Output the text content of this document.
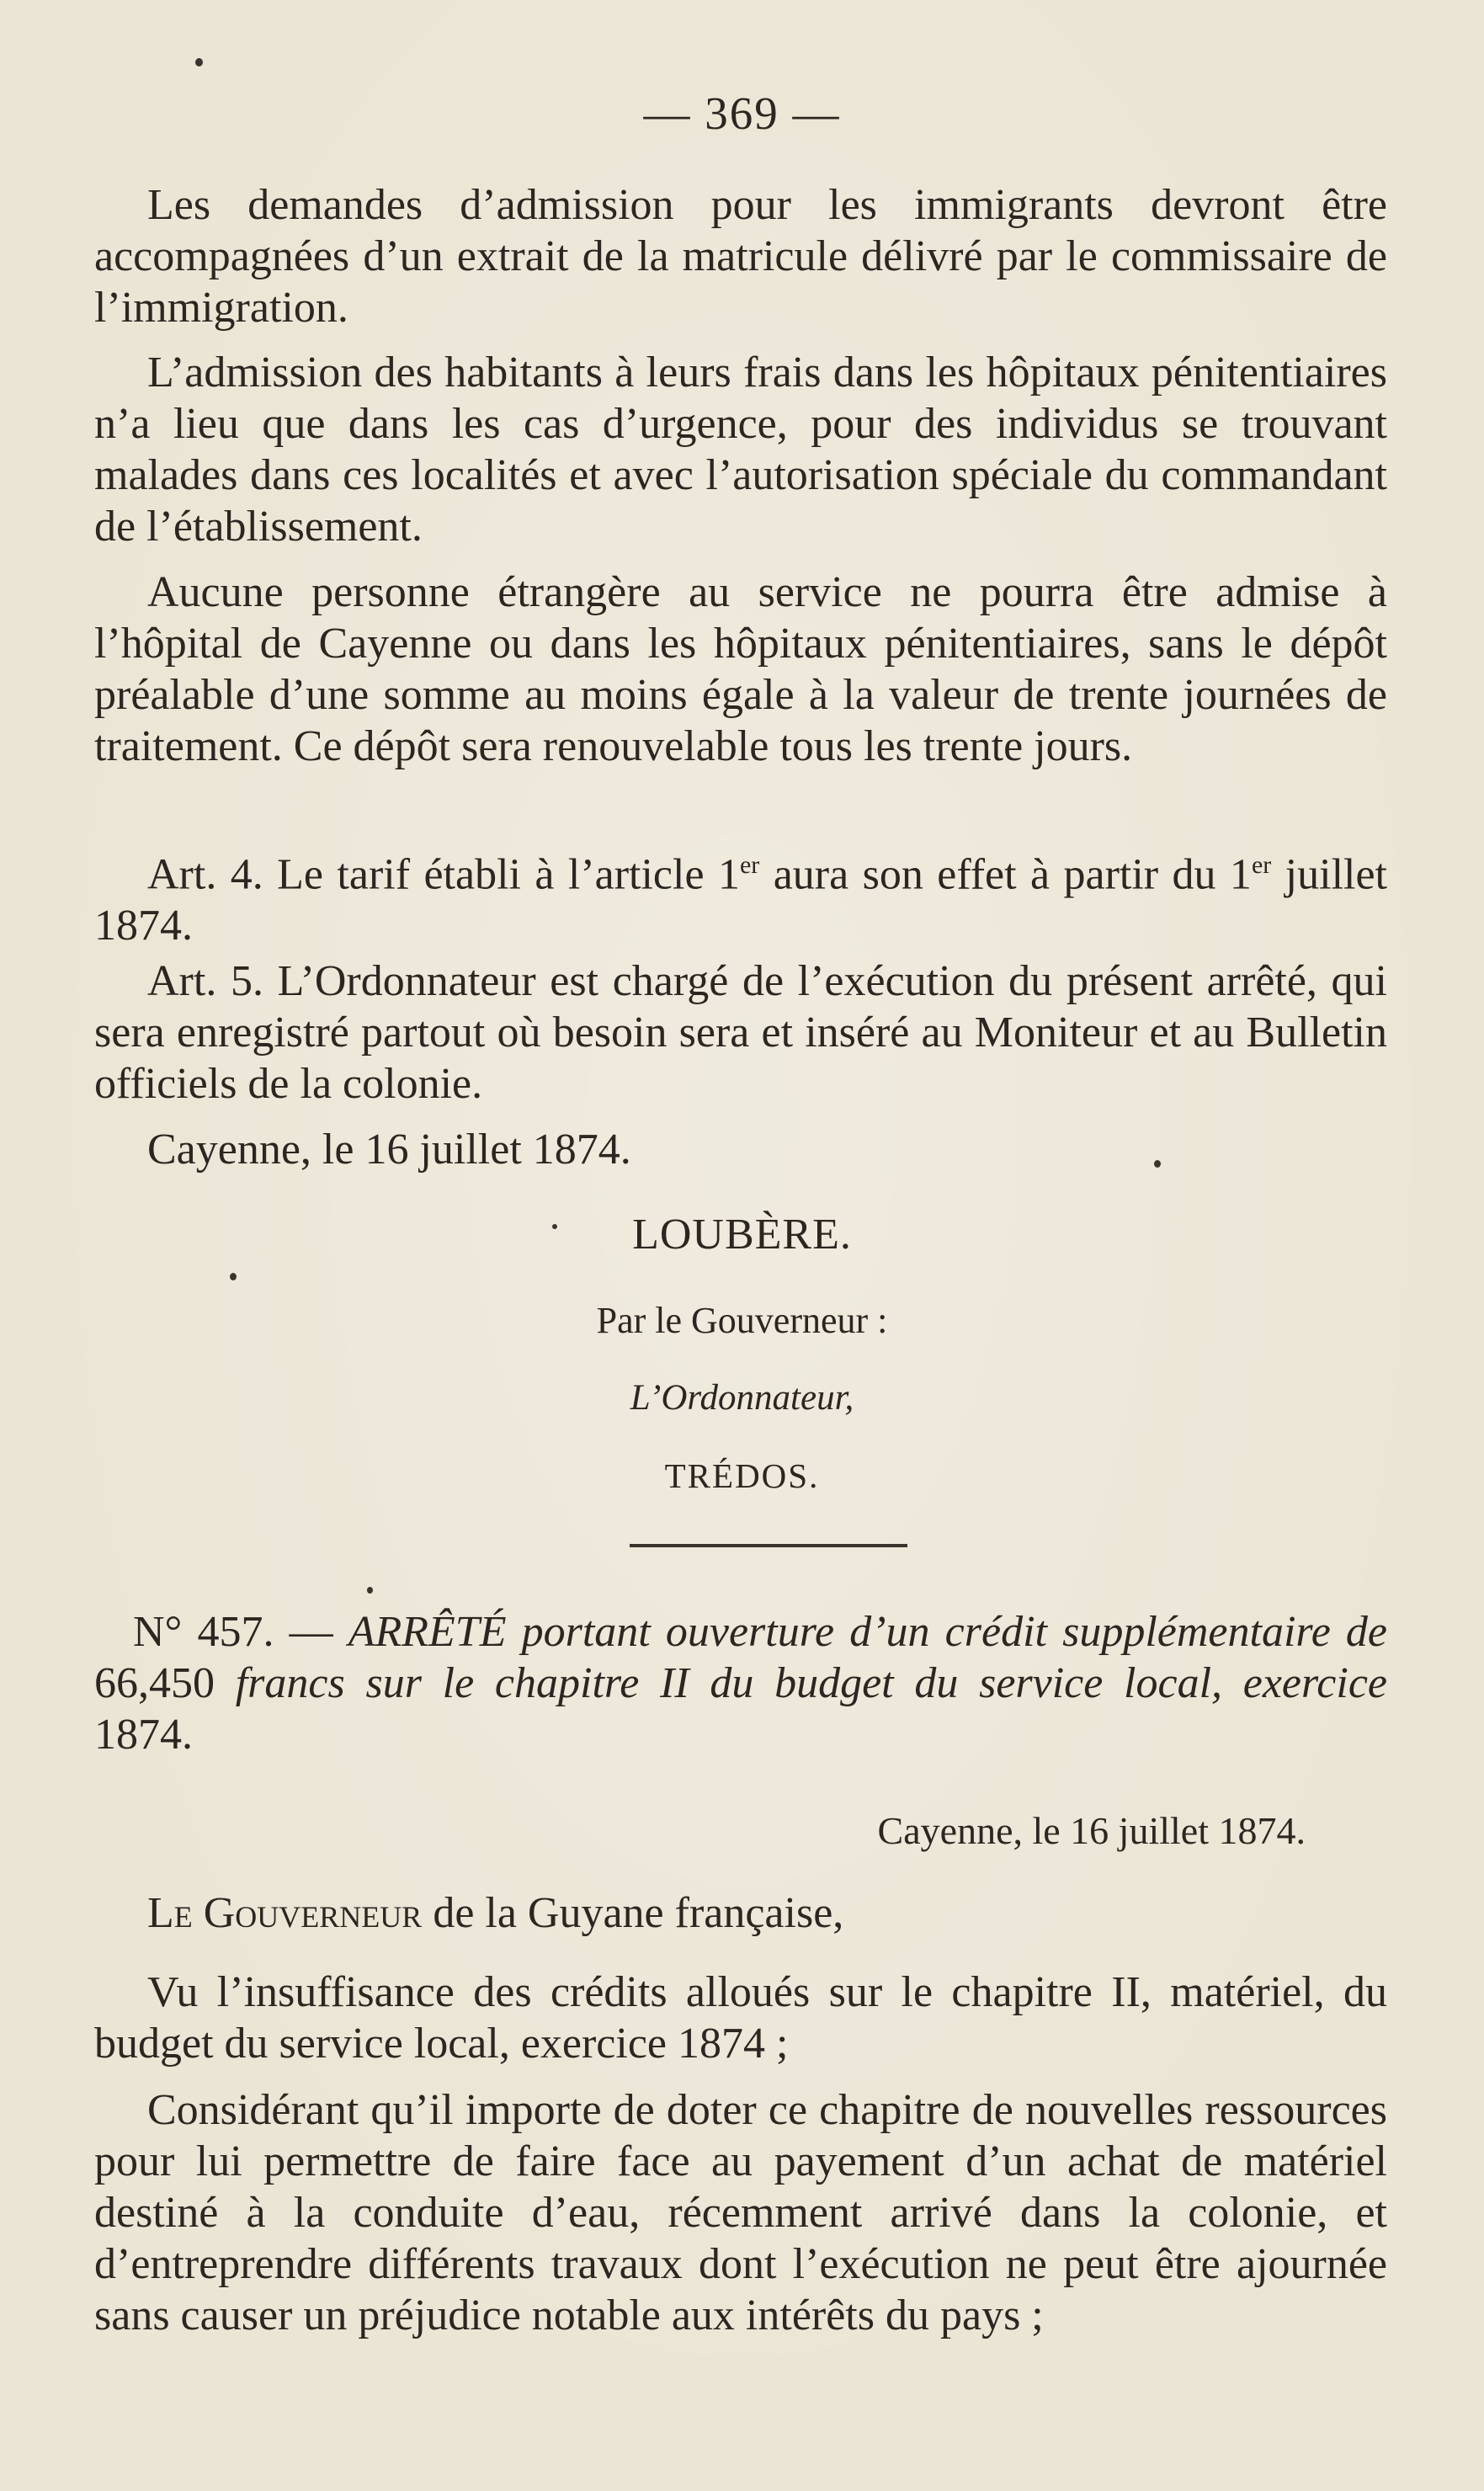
— 369 —

Les demandes d’admission pour les immigrants devront être accompagnées d’un extrait de la matricule délivré par le commissaire de l’immigration.

L’admission des habitants à leurs frais dans les hôpitaux pénitentiaires n’a lieu que dans les cas d’urgence, pour des individus se trouvant malades dans ces localités et avec l’autorisation spéciale du commandant de l’établissement.

Aucune personne étrangère au service ne pourra être admise à l’hôpital de Cayenne ou dans les hôpitaux pénitentiaires, sans le dépôt préalable d’une somme au moins égale à la valeur de trente journées de traitement. Ce dépôt sera renouvelable tous les trente jours.

Art. 4. Le tarif établi à l’article 1er aura son effet à partir du 1er juillet 1874.

Art. 5. L’Ordonnateur est chargé de l’exécution du présent arrêté, qui sera enregistré partout où besoin sera et inséré au Moniteur et au Bulletin officiels de la colonie.

Cayenne, le 16 juillet 1874.

LOUBÈRE.

Par le Gouverneur :

L’Ordonnateur,

TRÉDOS.

N° 457. — ARRÊTÉ portant ouverture d’un crédit supplémentaire de 66,450 francs sur le chapitre II du budget du service local, exercice 1874.

Cayenne, le 16 juillet 1874.

Le Gouverneur de la Guyane française,

Vu l’insuffisance des crédits alloués sur le chapitre II, matériel, du budget du service local, exercice 1874 ;

Considérant qu’il importe de doter ce chapitre de nouvelles ressources pour lui permettre de faire face au payement d’un achat de matériel destiné à la conduite d’eau, récemment arrivé dans la colonie, et d’entreprendre différents travaux dont l’exécution ne peut être ajournée sans causer un préjudice notable aux intérêts du pays ;
